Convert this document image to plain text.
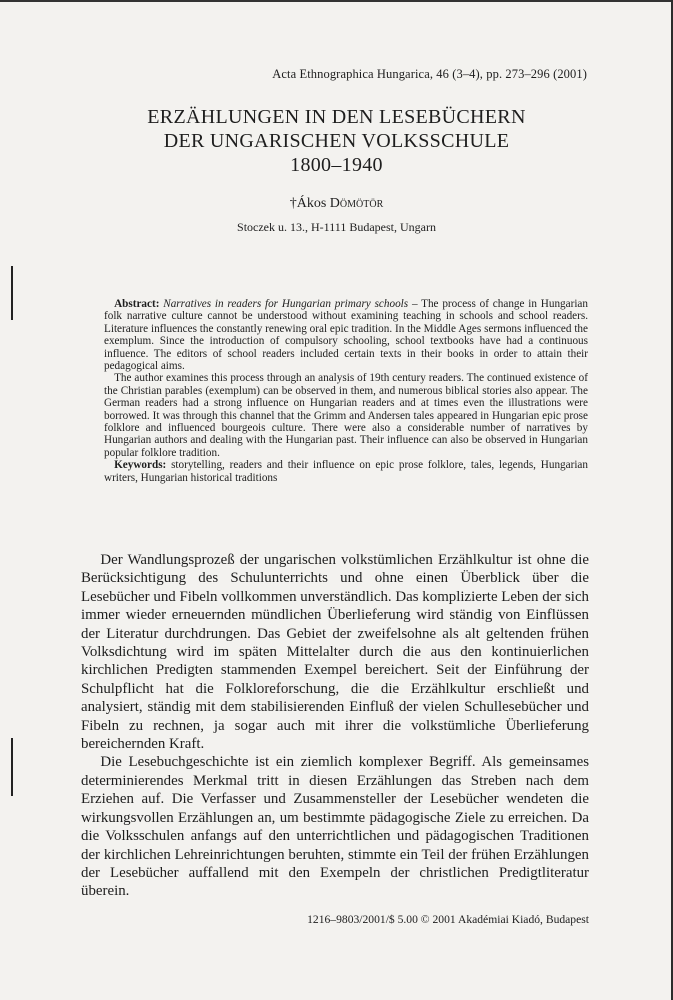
Acta Ethnographica Hungarica, 46 (3–4), pp. 273–296 (2001)
ERZÄHLUNGEN IN DEN LESEBÜCHERN
DER UNGARISCHEN VOLKSSCHULE
1800–1940
†Ákos Dömötör
Stoczek u. 13., H-1111 Budapest, Ungarn

Abstract: Narratives in readers for Hungarian primary schools – The process of change in Hungarian folk narrative culture cannot be understood without examining teaching in schools and school readers. Literature influences the constantly renewing oral epic tradition. In the Middle Ages sermons influenced the exemplum. Since the introduction of compulsory schooling, school textbooks have had a continuous influence. The editors of school readers included certain texts in their books in order to attain their pedagogical aims.

The author examines this process through an analysis of 19th century readers. The continued existence of the Christian parables (exemplum) can be observed in them, and numerous biblical stories also appear. The German readers had a strong influence on Hungarian readers and at times even the illustrations were borrowed. It was through this channel that the Grimm and Andersen tales appeared in Hungarian epic prose folklore and influenced bourgeois culture. There were also a considerable number of narratives by Hungarian authors and dealing with the Hungarian past. Their influence can also be observed in Hungarian popular folklore tradition.

Keywords: storytelling, readers and their influence on epic prose folklore, tales, legends, Hungarian writers, Hungarian historical traditions

Der Wandlungsprozeß der ungarischen volkstümlichen Erzählkultur ist ohne die Berücksichtigung des Schulunterrichts und ohne einen Überblick über die Lesebücher und Fibeln vollkommen unverständlich. Das komplizierte Leben der sich immer wieder erneuernden mündlichen Überlieferung wird ständig von Einflüssen der Literatur durchdrungen. Das Gebiet der zweifelsohne als alt geltenden frühen Volksdichtung wird im späten Mittelalter durch die aus den kontinuierlichen kirchlichen Predigten stammenden Exempel bereichert. Seit der Einführung der Schulpflicht hat die Folkloreforschung, die die Erzählkultur erschließt und analysiert, ständig mit dem stabilisierenden Einfluß der vielen Schullesebücher und Fibeln zu rechnen, ja sogar auch mit ihrer die volkstümliche Überlieferung bereichernden Kraft.

Die Lesebuchgeschichte ist ein ziemlich komplexer Begriff. Als gemeinsames determinierendes Merkmal tritt in diesen Erzählungen das Streben nach dem Erziehen auf. Die Verfasser und Zusammensteller der Lesebücher wendeten die wirkungsvollen Erzählungen an, um bestimmte pädagogische Ziele zu erreichen. Da die Volksschulen anfangs auf den unterrichtlichen und pädagogischen Traditionen der kirchlichen Lehreinrichtungen beruhten, stimmte ein Teil der frühen Erzählungen der Lesebücher auffallend mit den Exempeln der christlichen Predigtliteratur überein.

1216–9803/2001/$ 5.00 © 2001 Akadémiai Kiadó, Budapest
